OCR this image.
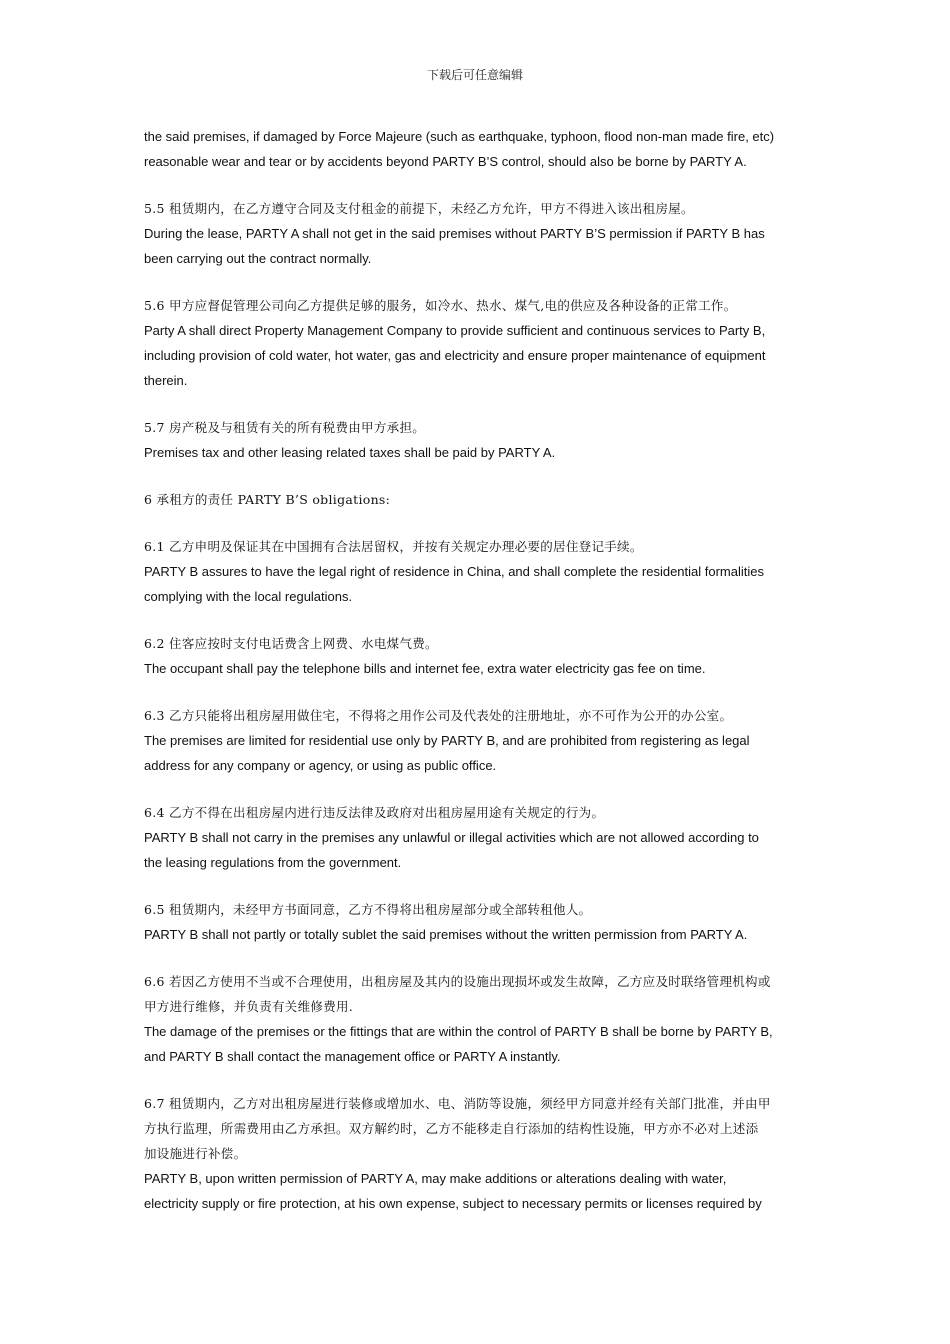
下载后可任意编辑
the said premises, if damaged by Force Majeure (such as earthquake, typhoon, flood non-man made fire, etc)
reasonable wear and tear or by accidents beyond PARTY B’S control, should also be borne by PARTY A.
5.5 租赁期内，在乙方遵守合同及支付租金的前提下，未经乙方允许，甲方不得进入该出租房屋。
During the lease, PARTY A shall not get in the said premises without PARTY B’S permission if PARTY B has
been carrying out the contract normally.
5.6 甲方应督促管理公司向乙方提供足够的服务，如冷水、热水、煤气,电的供应及各种设备的正常工作。
Party A shall direct Property Management Company to provide sufficient and continuous services to Party B,
including provision of cold water, hot water, gas and electricity and ensure proper maintenance of equipment
therein.
5.7 房产税及与租赁有关的所有税费由甲方承担。
Premises tax and other leasing related taxes shall be paid by PARTY A.
6 承租方的责任 PARTY B’S obligations:
6.1 乙方申明及保证其在中国拥有合法居留权，并按有关规定办理必要的居住登记手续。
PARTY B assures to have the legal right of residence in China, and shall complete the residential formalities
complying with the local regulations.
6.2 住客应按时支付电话费含上网费、水电煤气费。
The occupant shall pay the telephone bills and internet fee, extra water electricity gas fee on time.
6.3 乙方只能将出租房屋用做住宅，不得将之用作公司及代表处的注册地址，亦不可作为公开的办公室。
The premises are limited for residential use only by PARTY B, and are prohibited from registering as legal
address for any company or agency, or using as public office.
6.4 乙方不得在出租房屋内进行违反法律及政府对出租房屋用途有关规定的行为。
PARTY B shall not carry in the premises any unlawful or illegal activities which are not allowed according to
the leasing regulations from the government.
6.5 租赁期内，未经甲方书面同意，乙方不得将出租房屋部分或全部转租他人。
PARTY B shall not partly or totally sublet the said premises without the written permission from PARTY A.
6.6 若因乙方使用不当或不合理使用，出租房屋及其内的设施出现损坏或发生故障，乙方应及时联络管理机构或
甲方进行维修，并负责有关维修费用.
The damage of the premises or the fittings that are within the control of PARTY B shall be borne by PARTY B,
and PARTY B shall contact the management office or PARTY A instantly.
6.7 租赁期内，乙方对出租房屋进行装修或增加水、电、消防等设施，须经甲方同意并经有关部门批准，并由甲
方执行监理，所需费用由乙方承担。双方解约时，乙方不能移走自行添加的结构性设施，甲方亦不必对上述添
加设施进行补偿。
PARTY B, upon written permission of PARTY A, may make additions or alterations dealing with water,
electricity supply or fire protection, at his own expense, subject to necessary permits or licenses required by
